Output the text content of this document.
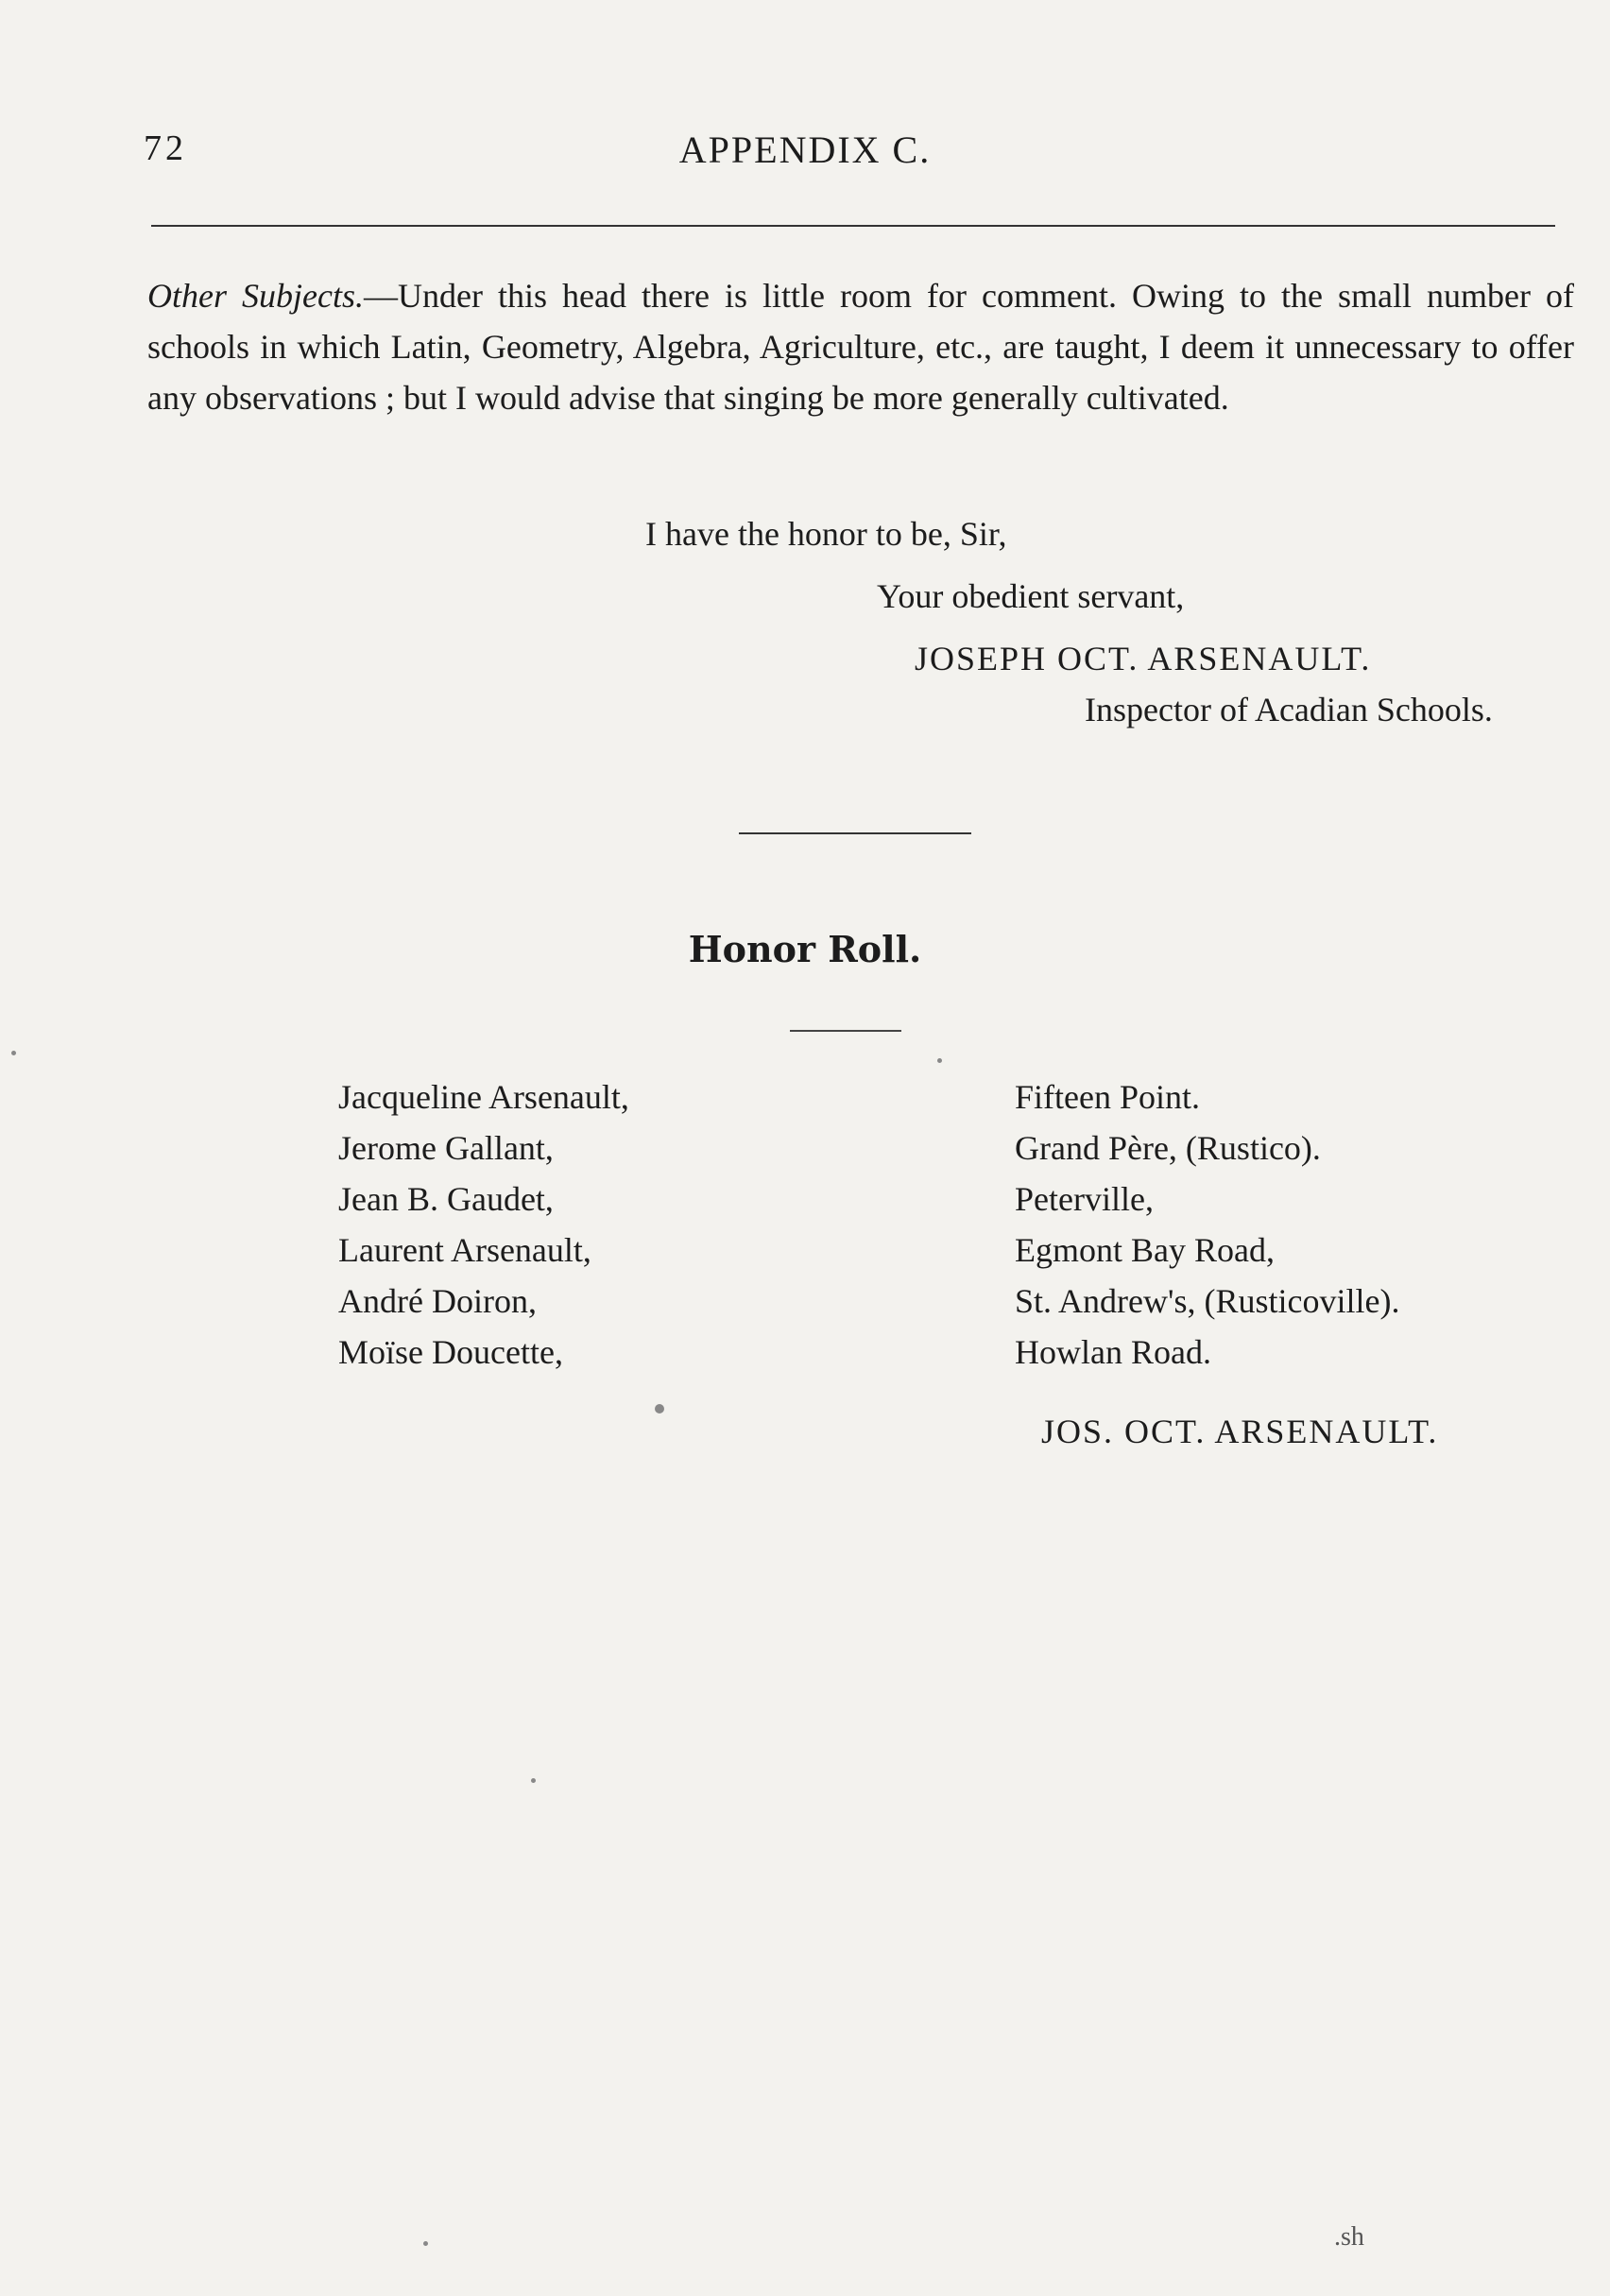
72	APPENDIX C.

Other Subjects.—Under this head there is little room for comment. Owing to the small number of schools in which Latin, Geometry, Algebra, Agriculture, etc., are taught, I deem it unnecessary to offer any observations ; but I would advise that singing be more generally cultivated.

I have the honor to be, Sir,
Your obedient servant,
JOSEPH OCT. ARSENAULT.
Inspector of Acadian Schools.
Honor Roll.
Jacqueline Arsenault,	Fifteen Point.
Jerome Gallant,	Grand Père, (Rustico).
Jean B. Gaudet,	Peterville,
Laurent Arsenault,	Egmont Bay Road,
André Doiron,	St. Andrew's, (Rusticoville).
Moïse Doucette,	Howlan Road.
JOS. OCT. ARSENAULT.
.sh
